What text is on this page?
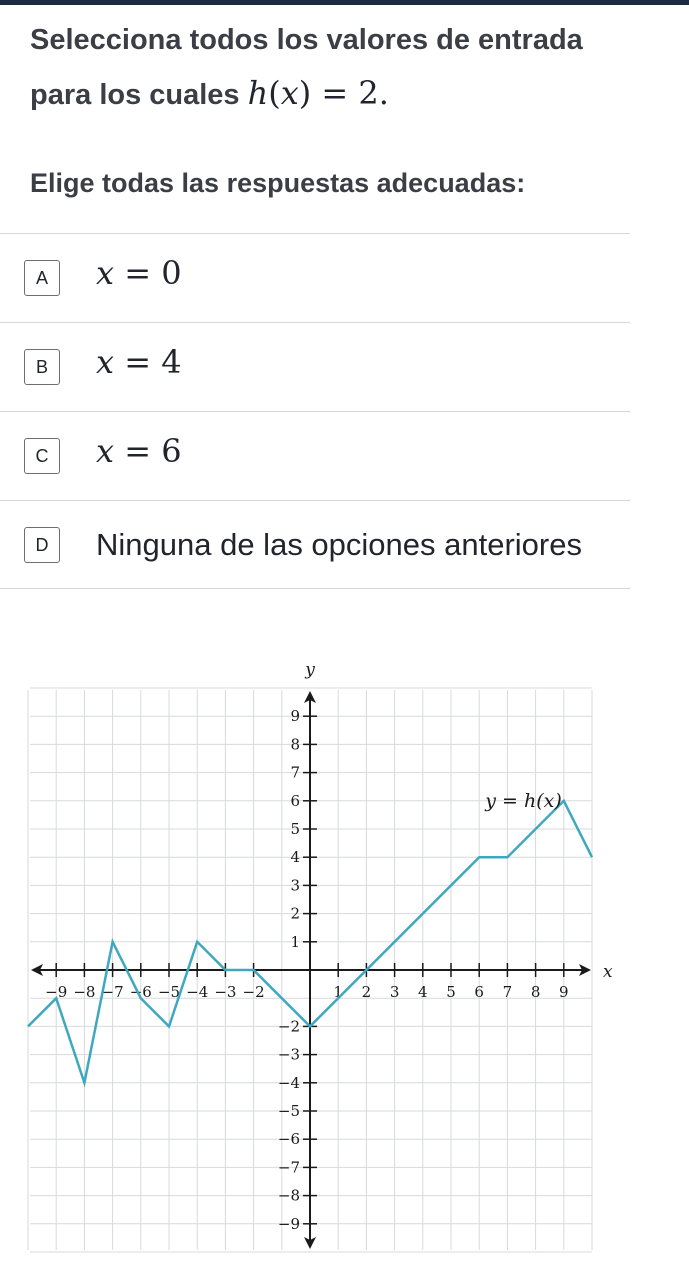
Selecciona todos los valores de entrada
para los cuales h(x) = 2.
Elige todas las respuestas adecuadas:
A	x = 0
B	x = 4
C	x = 6
D	Ninguna de las opciones anteriores
x
y
−9 −8 −7 −6 −5 −4 −3 −2	1 2 3 4 5 6 7 8 9
9
8
7
6
5
4
3
2
1
−2
−3
−4
−5
−6
−7
−8
−9
y = h(x)
